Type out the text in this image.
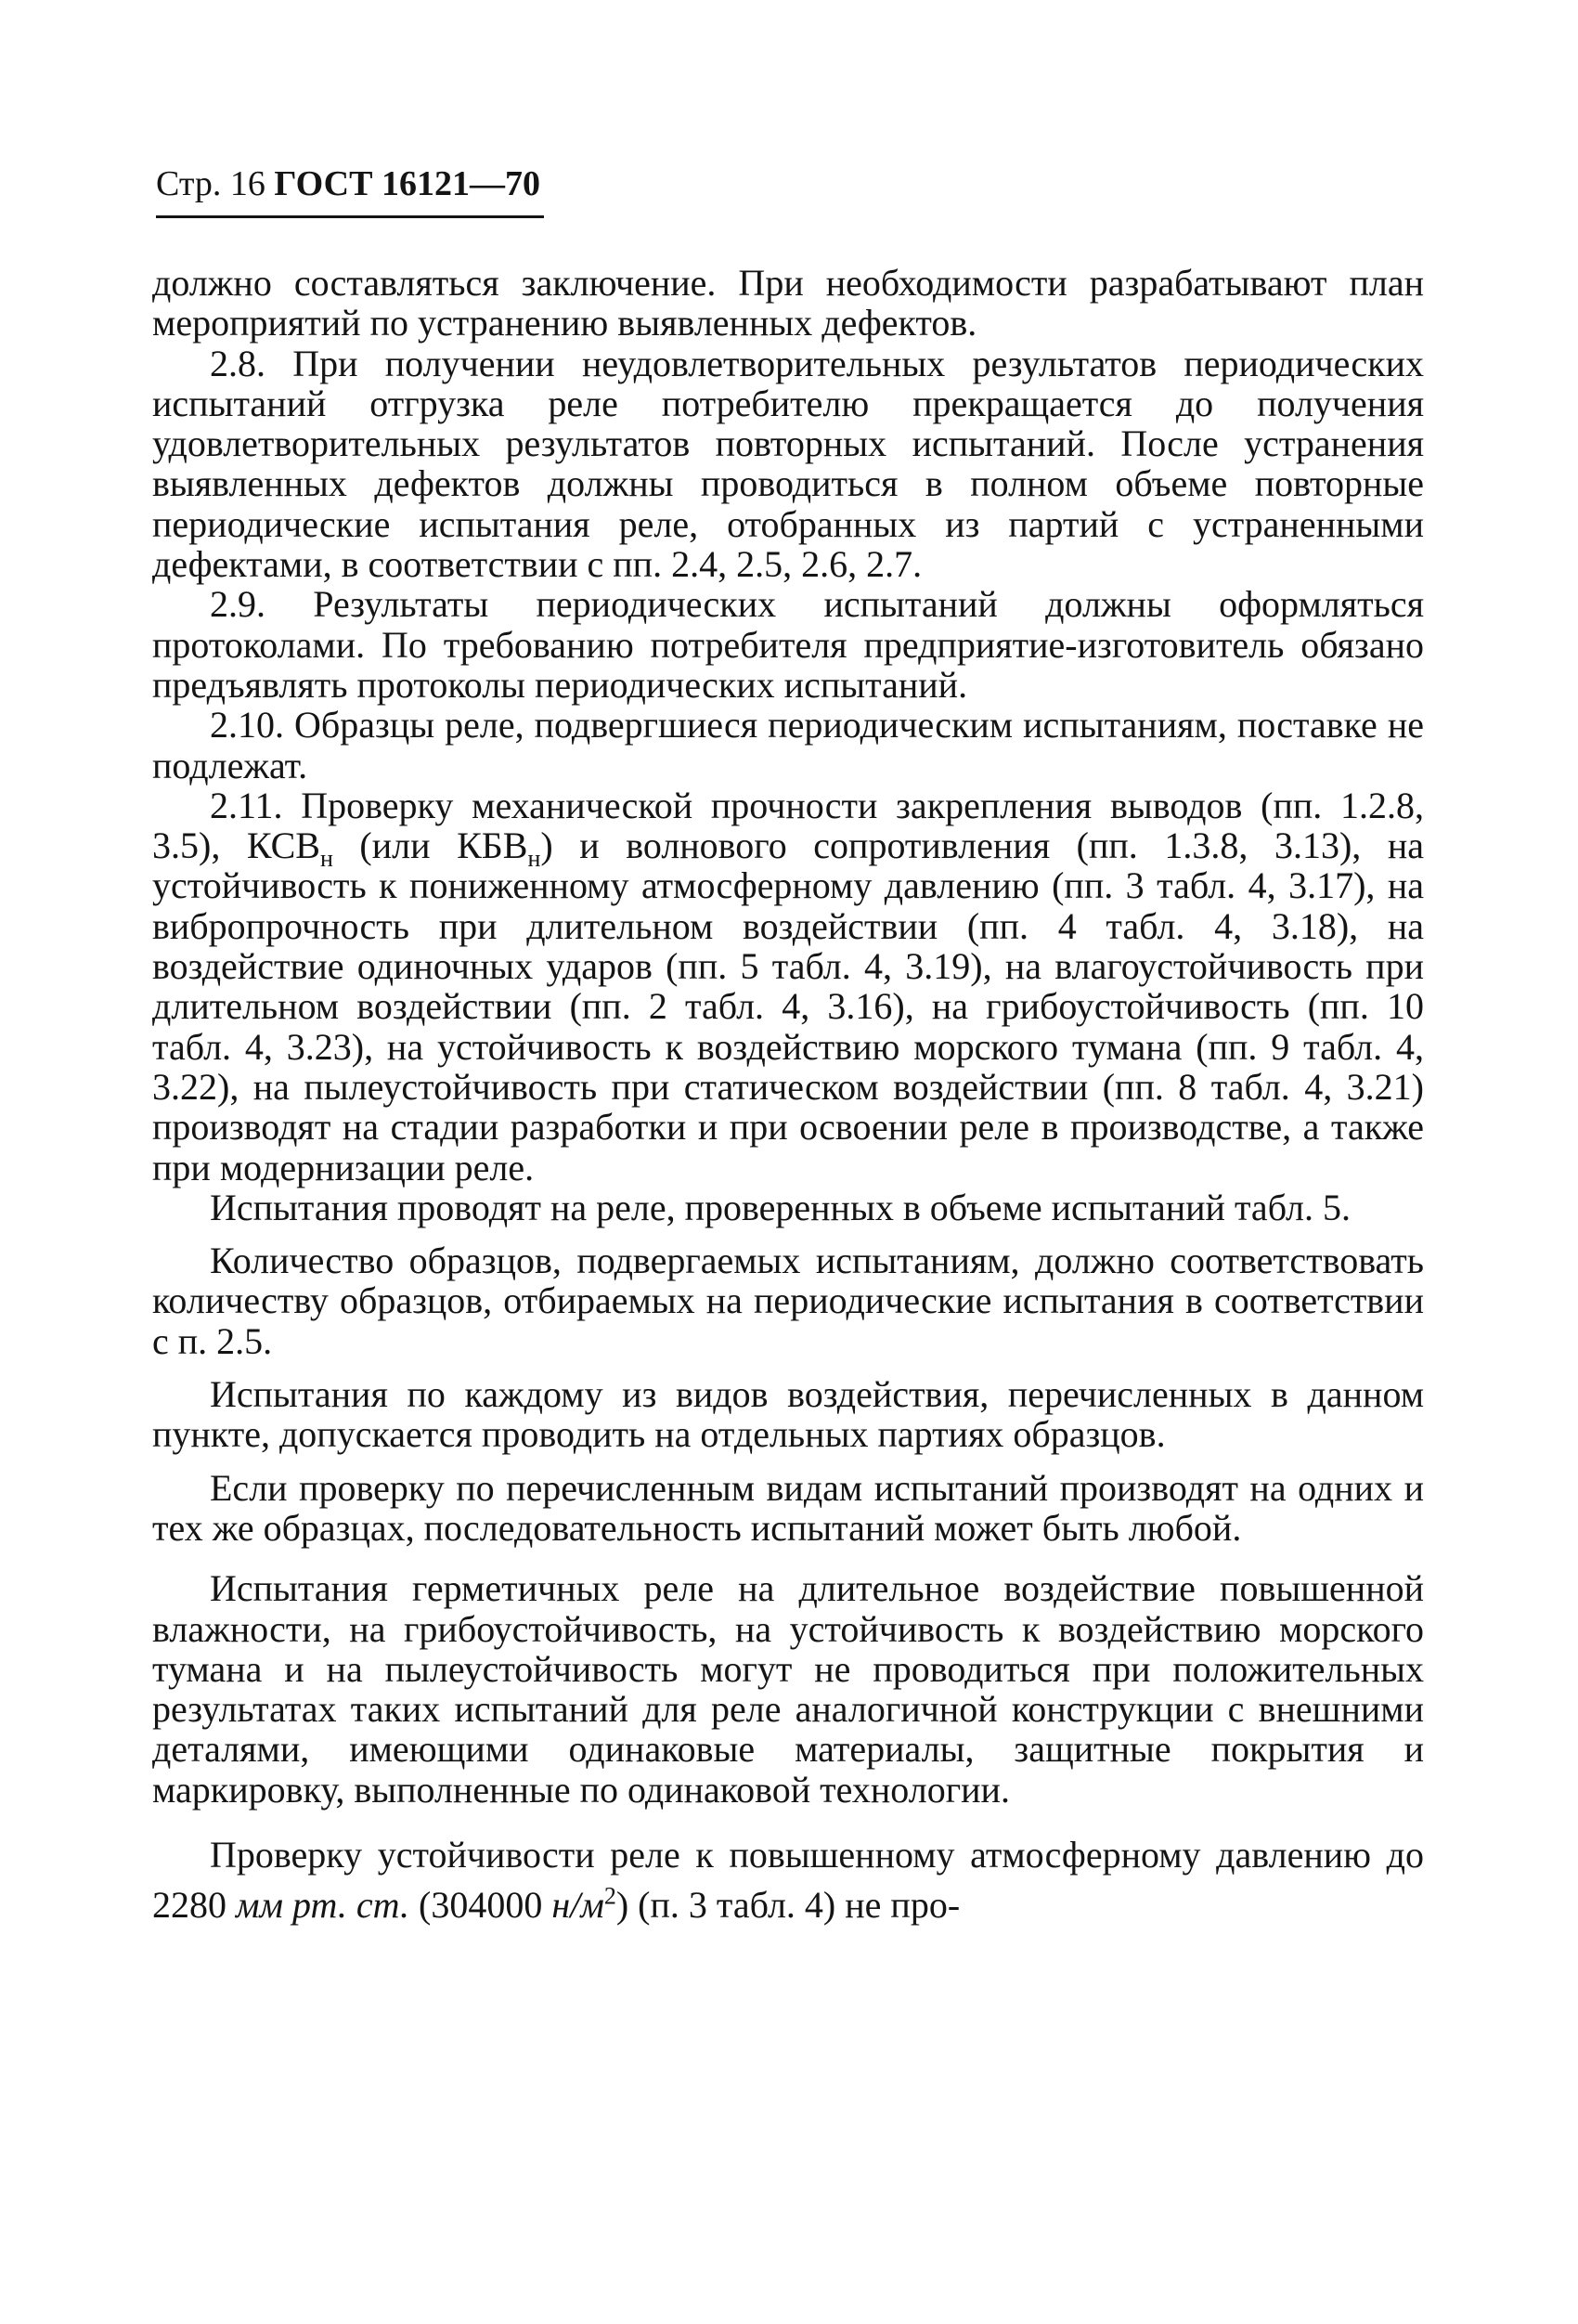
Стр. 16 ГОСТ 16121—70

должно составляться заключение. При необходимости разрабатывают план мероприятий по устранению выявленных дефектов.

2.8. При получении неудовлетворительных результатов периодических испытаний отгрузка реле потребителю прекращается до получения удовлетворительных результатов повторных испытаний. После устранения выявленных дефектов должны проводиться в полном объеме повторные периодические испытания реле, отобранных из партий с устраненными дефектами, в соответствии с пп. 2.4, 2.5, 2.6, 2.7.

2.9. Результаты периодических испытаний должны оформляться протоколами. По требованию потребителя предприятие-изготовитель обязано предъявлять протоколы периодических испытаний.

2.10. Образцы реле, подвергшиеся периодическим испытаниям, поставке не подлежат.

2.11. Проверку механической прочности закрепления выводов (пп. 1.2.8, 3.5), $КСВ_н$ (или $КБВ_н$) и волнового сопротивления (пп. 1.3.8, 3.13), на устойчивость к пониженному атмосферному давлению (пп. 3 табл. 4, 3.17), на вибропрочность при длительном воздействии (пп. 4 табл. 4, 3.18), на воздействие одиночных ударов (пп. 5 табл. 4, 3.19), на влагоустойчивость при длительном воздействии (пп. 2 табл. 4, 3.16), на грибоустойчивость (пп. 10 табл. 4, 3.23), на устойчивость к воздействию морского тумана (пп. 9 табл. 4, 3.22), на пылеустойчивость при статическом воздействии (пп. 8 табл. 4, 3.21) производят на стадии разработки и при освоении реле в производстве, а также при модернизации реле.

Испытания проводят на реле, проверенных в объеме испытаний табл. 5.

Количество образцов, подвергаемых испытаниям, должно соответствовать количеству образцов, отбираемых на периодические испытания в соответствии с п. 2.5.

Испытания по каждому из видов воздействия, перечисленных в данном пункте, допускается проводить на отдельных партиях образцов.

Если проверку по перечисленным видам испытаний производят на одних и тех же образцах, последовательность испытаний может быть любой.

Испытания герметичных реле на длительное воздействие повышенной влажности, на грибоустойчивость, на устойчивость к воздействию морского тумана и на пылеустойчивость могут не проводиться при положительных результатах таких испытаний для реле аналогичной конструкции с внешними деталями, имеющими одинаковые материалы, защитные покрытия и маркировку, выполненные по одинаковой технологии.

Проверку устойчивости реле к повышенному атмосферному давлению до 2280 мм рт. ст. (304000 $н/м^2$) (п. 3 табл. 4) не про-
